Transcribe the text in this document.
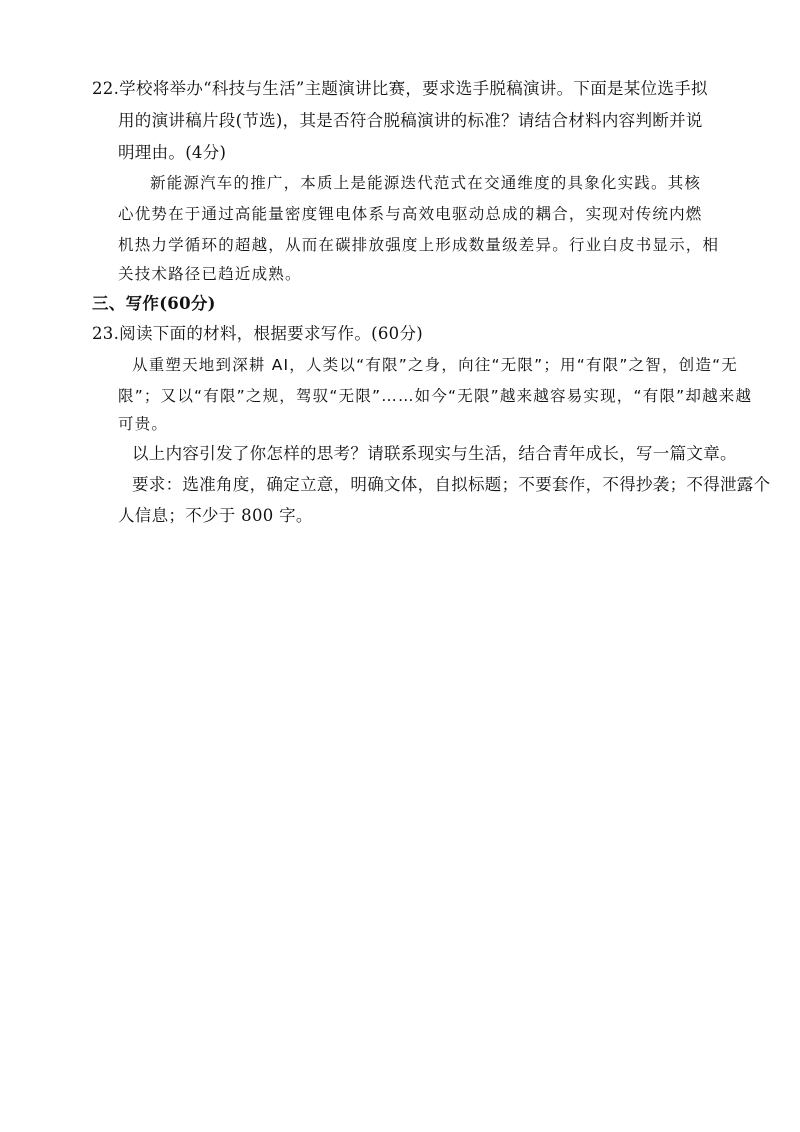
22.学校将举办“科技与生活”主题演讲比赛，要求选手脱稿演讲。下面是某位选手拟
用的演讲稿片段(节选)，其是否符合脱稿演讲的标准？请结合材料内容判断并说
明理由。(4分)
新能源汽车的推广，本质上是能源迭代范式在交通维度的具象化实践。其核
心优势在于通过高能量密度锂电体系与高效电驱动总成的耦合，实现对传统内燃
机热力学循环的超越，从而在碳排放强度上形成数量级差异。行业白皮书显示，相
关技术路径已趋近成熟。
三、写作(60分)
23.阅读下面的材料，根据要求写作。(60分)
从重塑天地到深耕 AI，人类以“有限”之身，向往“无限”；用“有限”之智，创造“无
限”；又以“有限”之规，驾驭“无限”……如今“无限”越来越容易实现，“有限”却越来越
可贵。
以上内容引发了你怎样的思考？请联系现实与生活，结合青年成长，写一篇文章。
要求：选准角度，确定立意，明确文体，自拟标题；不要套作，不得抄袭；不得泄露个
人信息；不少于 800 字。
